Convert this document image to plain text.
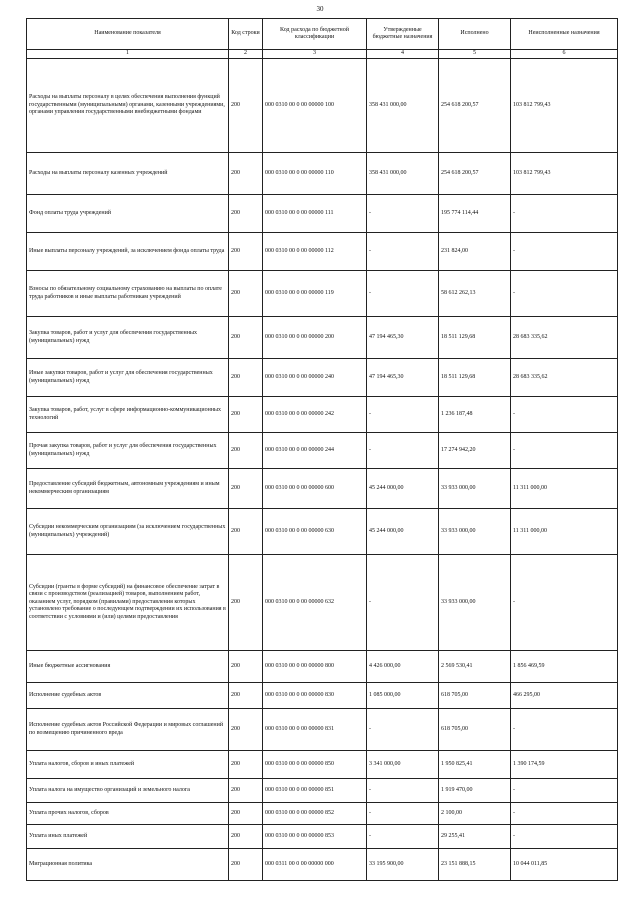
30
Наименование показателя	Код строки	Код расхода по бюджетной классификации	Утвержденные бюджетные назначения	Исполнено	Неисполненные назначения
1	2	3	4	5	6
Расходы на выплаты персоналу в целях обеспечения выполнения функций государственными (муниципальными) органами, казенными учреждениями, органами управления государственными внебюджетными фондами	200	000 0310 00 0 00 00000 100	358 431 000,00	254 618 200,57	103 812 799,43
Расходы на выплаты персоналу казенных учреждений	200	000 0310 00 0 00 00000 110	358 431 000,00	254 618 200,57	103 812 799,43
Фонд оплаты труда учреждений	200	000 0310 00 0 00 00000 111	-	195 774 114,44	-
Иные выплаты персоналу учреждений, за исключением фонда оплаты труда	200	000 0310 00 0 00 00000 112	-	231 824,00	-
Взносы по обязательному социальному страхованию на выплаты по оплате труда работников и иные выплаты работникам учреждений	200	000 0310 00 0 00 00000 119	-	58 612 262,13	-
Закупка товаров, работ и услуг для обеспечения государственных (муниципальных) нужд	200	000 0310 00 0 00 00000 200	47 194 465,30	18 511 129,68	28 683 335,62
Иные закупки товаров, работ и услуг для обеспечения государственных (муниципальных) нужд	200	000 0310 00 0 00 00000 240	47 194 465,30	18 511 129,68	28 683 335,62
Закупка товаров, работ, услуг в сфере информационно-коммуникационных технологий	200	000 0310 00 0 00 00000 242	-	1 236 187,48	-
Прочая закупка товаров, работ и услуг для обеспечения государственных (муниципальных) нужд	200	000 0310 00 0 00 00000 244	-	17 274 942,20	-
Предоставление субсидий бюджетным, автономным учреждениям и иным некоммерческим организациям	200	000 0310 00 0 00 00000 600	45 244 000,00	33 933 000,00	11 311 000,00
Субсидии некоммерческим организациям (за исключением государственных (муниципальных) учреждений)	200	000 0310 00 0 00 00000 630	45 244 000,00	33 933 000,00	11 311 000,00
Субсидии (гранты в форме субсидий) на финансовое обеспечение затрат в связи с производством (реализацией) товаров, выполнением работ, оказанием услуг, порядком (правилами) предоставления которых установлено требование о последующем подтверждении их использования в соответствии с условиями и (или) целями предоставления	200	000 0310 00 0 00 00000 632	-	33 933 000,00	-
Иные бюджетные ассигнования	200	000 0310 00 0 00 00000 800	4 426 000,00	2 569 530,41	1 856 469,59
Исполнение судебных актов	200	000 0310 00 0 00 00000 830	1 085 000,00	618 705,00	466 295,00
Исполнение судебных актов Российской Федерации и мировых соглашений по возмещению причиненного вреда	200	000 0310 00 0 00 00000 831	-	618 705,00	-
Уплата налогов, сборов и иных платежей	200	000 0310 00 0 00 00000 850	3 341 000,00	1 950 825,41	1 390 174,59
Уплата налога на имущество организаций и земельного налога	200	000 0310 00 0 00 00000 851	-	1 919 470,00	-
Уплата прочих налогов, сборов	200	000 0310 00 0 00 00000 852	-	2 100,00	-
Уплата иных платежей	200	000 0310 00 0 00 00000 853	-	29 255,41	-
Миграционная политика	200	000 0311 00 0 00 00000 000	33 195 900,00	23 151 888,15	10 044 011,85
